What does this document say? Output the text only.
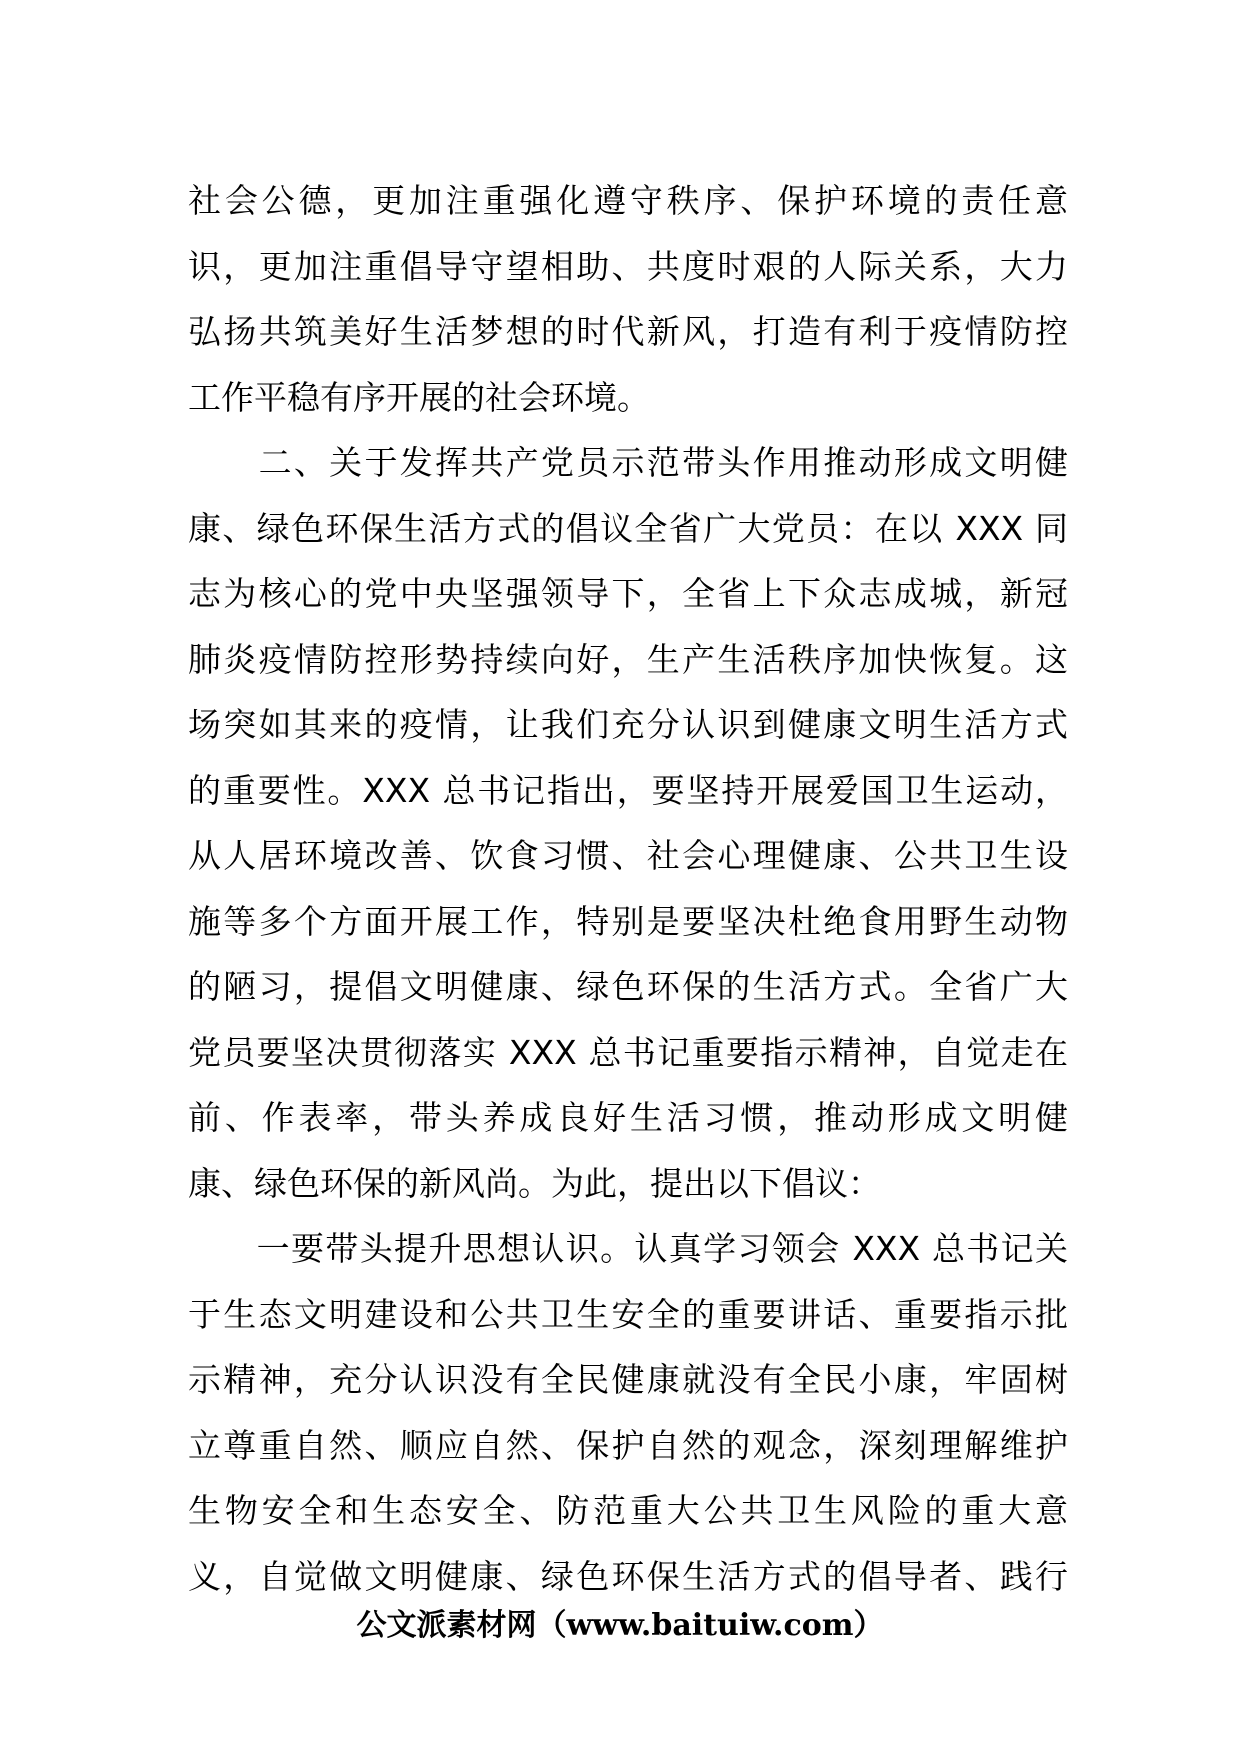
社会公德，更加注重强化遵守秩序、保护环境的责任意
识，更加注重倡导守望相助、共度时艰的人际关系，大力
弘扬共筑美好生活梦想的时代新风，打造有利于疫情防控
工作平稳有序开展的社会环境。
　　二、关于发挥共产党员示范带头作用推动形成文明健
康、绿色环保生活方式的倡议全省广大党员：在以 XXX 同
志为核心的党中央坚强领导下，全省上下众志成城，新冠
肺炎疫情防控形势持续向好，生产生活秩序加快恢复。这
场突如其来的疫情，让我们充分认识到健康文明生活方式
的重要性。XXX 总书记指出，要坚持开展爱国卫生运动，
从人居环境改善、饮食习惯、社会心理健康、公共卫生设
施等多个方面开展工作，特别是要坚决杜绝食用野生动物
的陋习，提倡文明健康、绿色环保的生活方式。全省广大
党员要坚决贯彻落实 XXX 总书记重要指示精神，自觉走在
前、作表率，带头养成良好生活习惯，推动形成文明健
康、绿色环保的新风尚。为此，提出以下倡议：
　　一要带头提升思想认识。认真学习领会 XXX 总书记关
于生态文明建设和公共卫生安全的重要讲话、重要指示批
示精神，充分认识没有全民健康就没有全民小康，牢固树
立尊重自然、顺应自然、保护自然的观念，深刻理解维护
生物安全和生态安全、防范重大公共卫生风险的重大意
义，自觉做文明健康、绿色环保生活方式的倡导者、践行
公文派素材网（www.baituiw.com）
